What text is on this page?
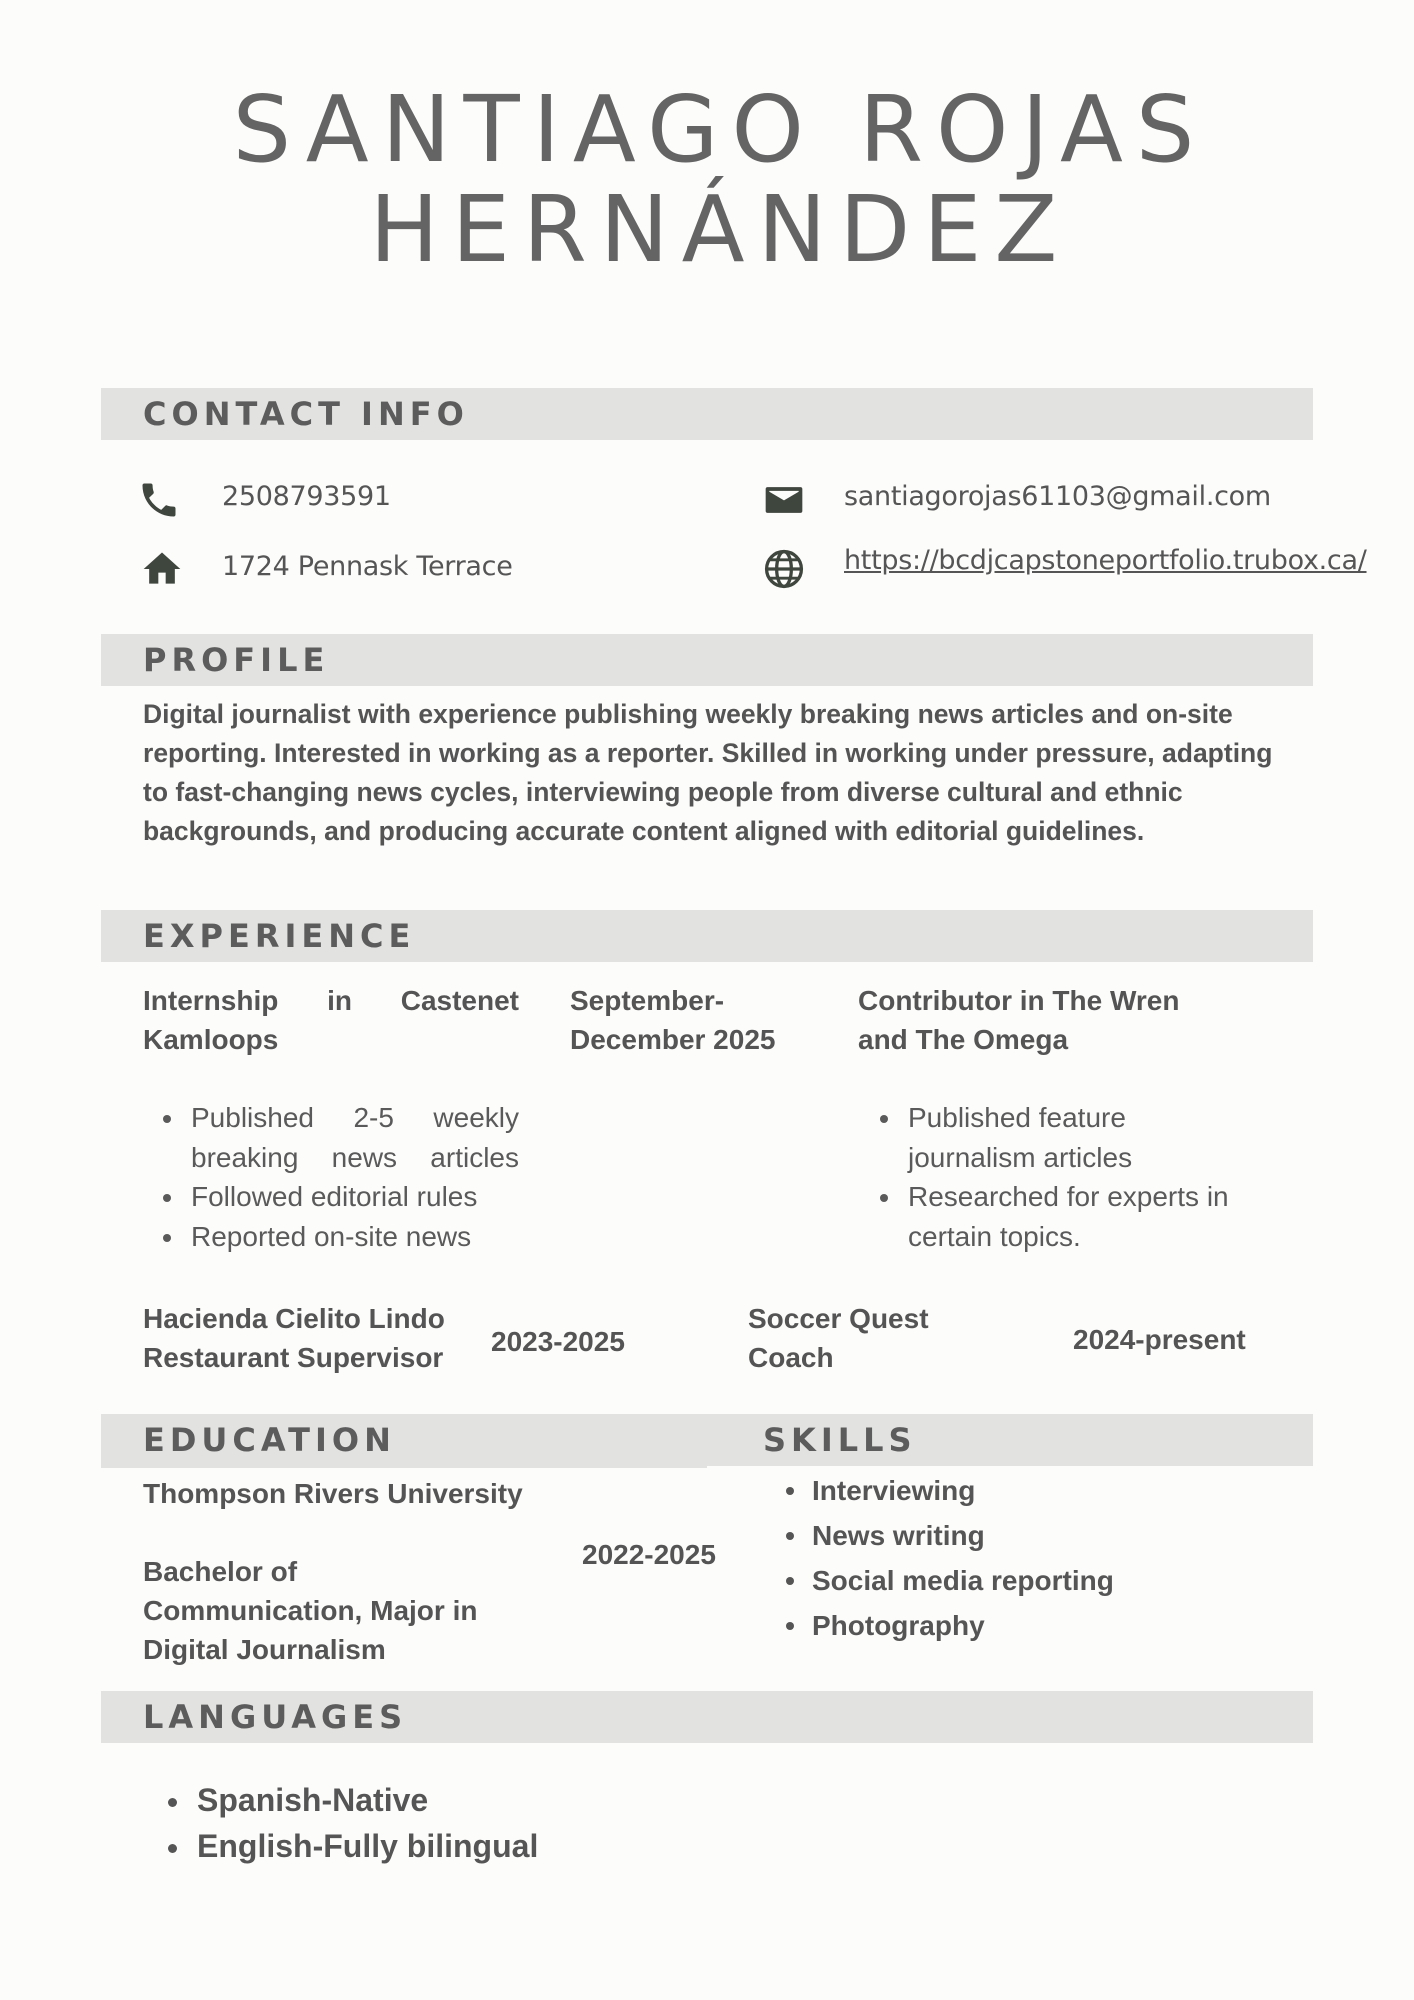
SANTIAGO ROJAS
HERNÁNDEZ
CONTACT INFO
2508793591
1724 Pennask Terrace
santiagorojas61103@gmail.com
https://bcdjcapstoneportfolio.trubox.ca/
PROFILE
Digital journalist with experience publishing weekly breaking news articles and on-site reporting. Interested in working as a reporter. Skilled in working under pressure, adapting to fast-changing news cycles, interviewing people from diverse cultural and ethnic backgrounds, and producing accurate content aligned with editorial guidelines.
EXPERIENCE
Internship in Castenet Kamloops
September-December 2025
Contributor in The Wren and The Omega
Published 2-5 weekly breaking news articles
Followed editorial rules
Reported on-site news
Published feature journalism articles
Researched for experts in certain topics.
Hacienda Cielito Lindo
Restaurant Supervisor
2023-2025
Soccer Quest
Coach
2024-present
EDUCATION
Thompson Rivers University
Bachelor of Communication, Major in Digital Journalism
2022-2025
SKILLS
Interviewing
News writing
Social media reporting
Photography
LANGUAGES
Spanish-Native
English-Fully bilingual
